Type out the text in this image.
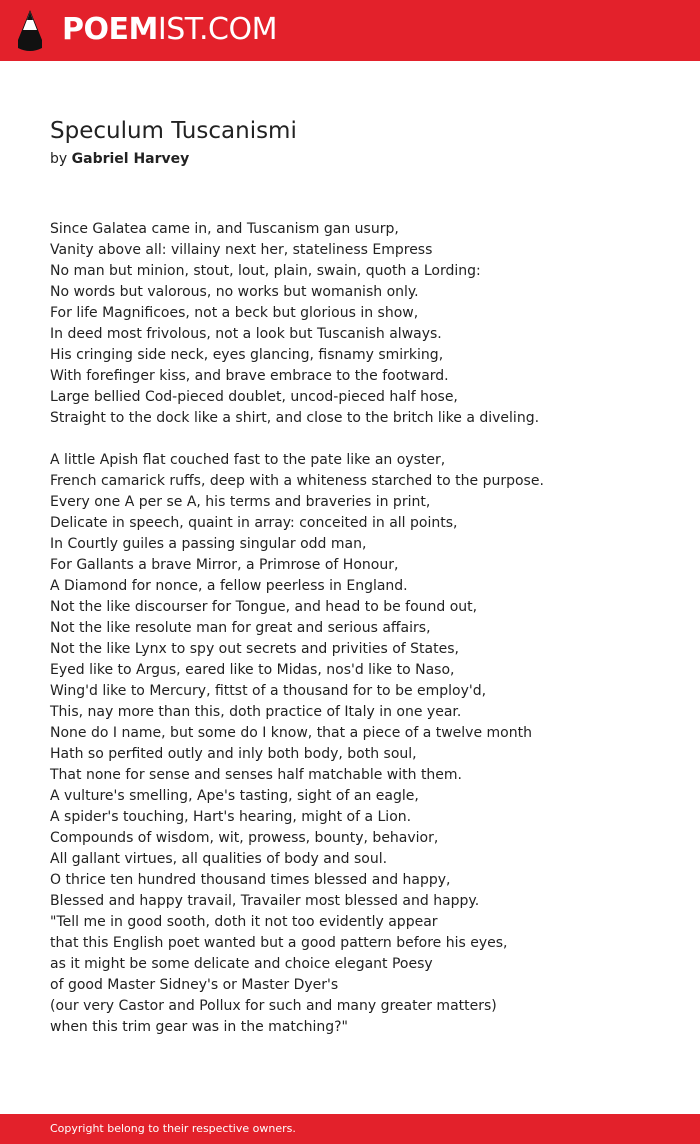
POEMIST.COM
Speculum Tuscanismi
by Gabriel Harvey
Since Galatea came in, and Tuscanism gan usurp,
Vanity above all: villainy next her, stateliness Empress
No man but minion, stout, lout, plain, swain, quoth a Lording:
No words but valorous, no works but womanish only.
For life Magnificoes, not a beck but glorious in show,
In deed most frivolous, not a look but Tuscanish always.
His cringing side neck, eyes glancing, fisnamy smirking,
With forefinger kiss, and brave embrace to the footward.
Large bellied Cod-pieced doublet, uncod-pieced half hose,
Straight to the dock like a shirt, and close to the britch like a diveling.
A little Apish flat couched fast to the pate like an oyster,
French camarick ruffs, deep with a whiteness starched to the purpose.
Every one A per se A, his terms and braveries in print,
Delicate in speech, quaint in array: conceited in all points,
In Courtly guiles a passing singular odd man,
For Gallants a brave Mirror, a Primrose of Honour,
A Diamond for nonce, a fellow peerless in England.
Not the like discourser for Tongue, and head to be found out,
Not the like resolute man for great and serious affairs,
Not the like Lynx to spy out secrets and privities of States,
Eyed like to Argus, eared like to Midas, nos'd like to Naso,
Wing'd like to Mercury, fittst of a thousand for to be employ'd,
This, nay more than this, doth practice of Italy in one year.
None do I name, but some do I know, that a piece of a twelve month
Hath so perfited outly and inly both body, both soul,
That none for sense and senses half matchable with them.
A vulture's smelling, Ape's tasting, sight of an eagle,
A spider's touching, Hart's hearing, might of a Lion.
Compounds of wisdom, wit, prowess, bounty, behavior,
All gallant virtues, all qualities of body and soul.
O thrice ten hundred thousand times blessed and happy,
Blessed and happy travail, Travailer most blessed and happy.
"Tell me in good sooth, doth it not too evidently appear
that this English poet wanted but a good pattern before his eyes,
as it might be some delicate and choice elegant Poesy
of good Master Sidney's or Master Dyer's
(our very Castor and Pollux for such and many greater matters)
when this trim gear was in the matching?"
Copyright belong to their respective owners.
